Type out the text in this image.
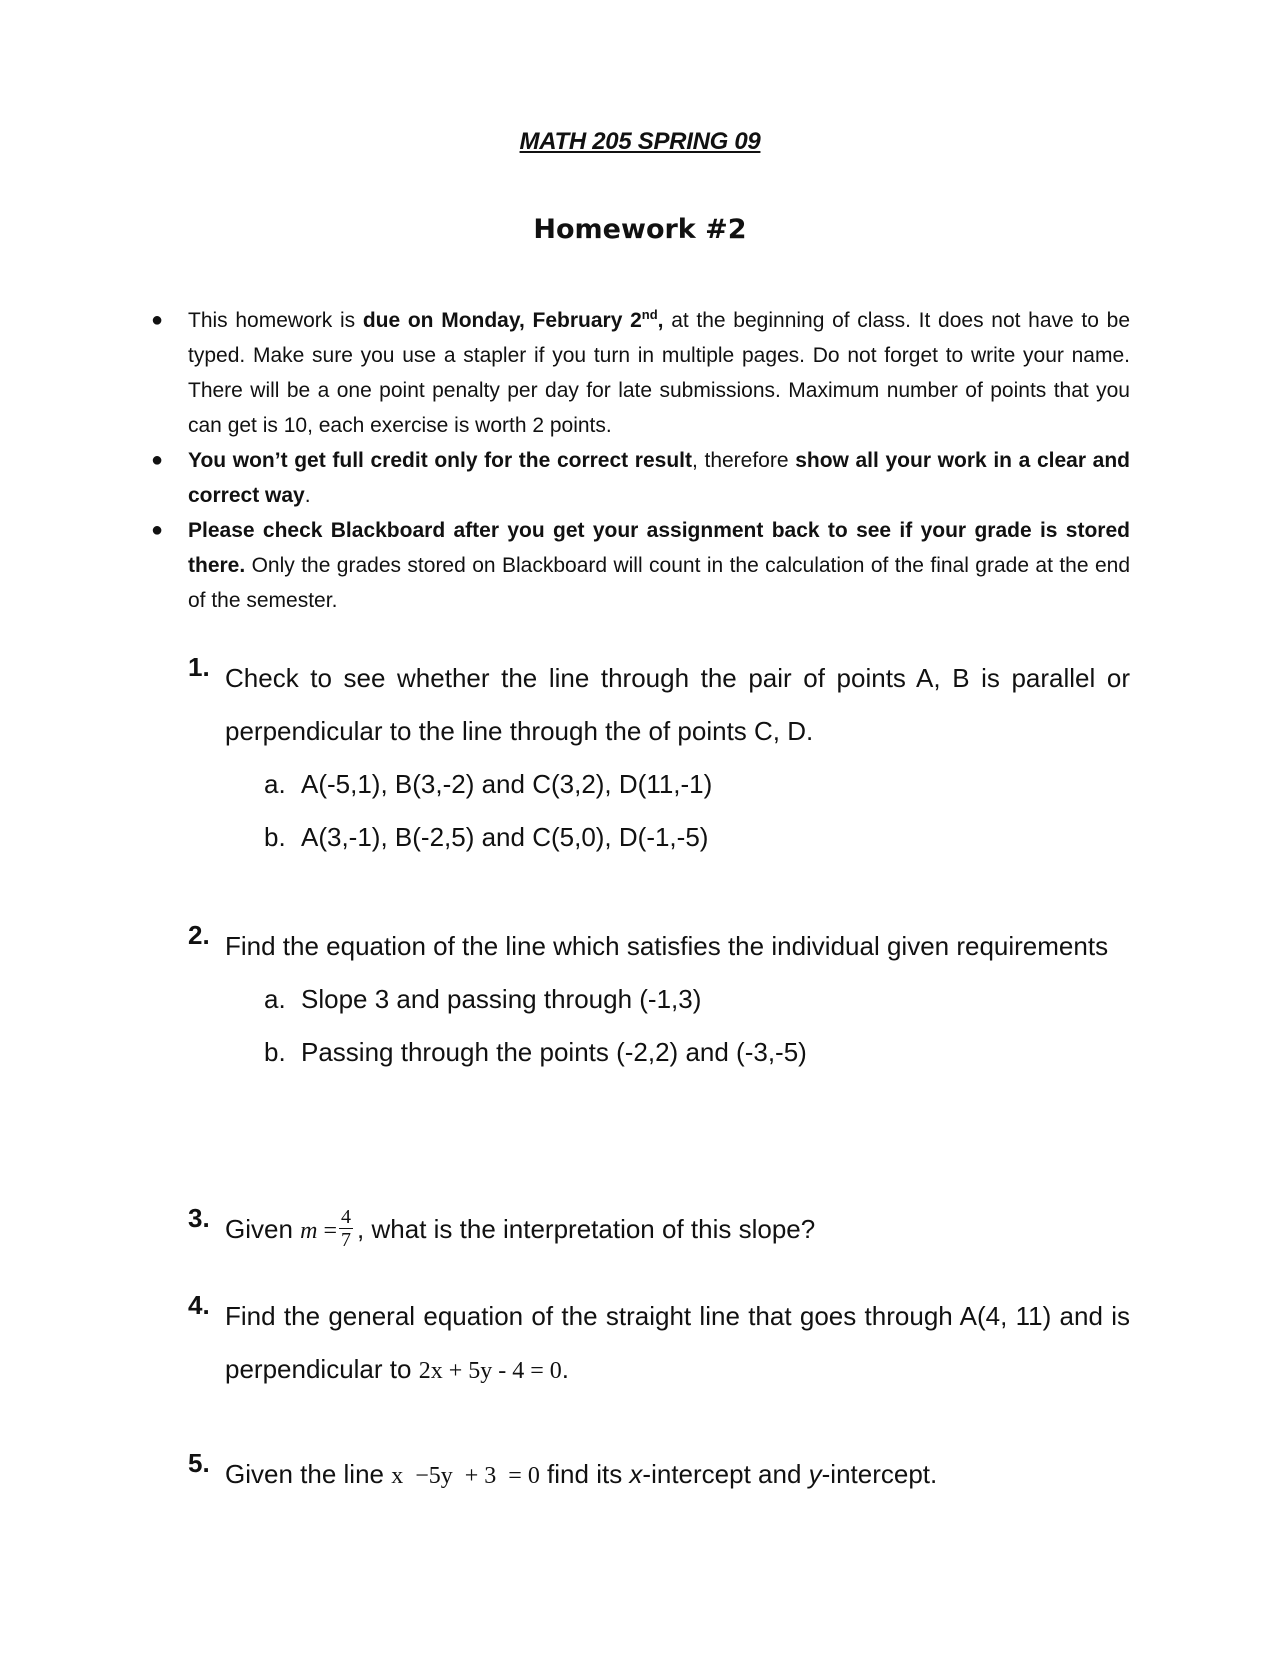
MATH 205 SPRING 09
Homework #2
● This homework is due on Monday, February 2nd, at the beginning of class. It does not have to be typed. Make sure you use a stapler if you turn in multiple pages. Do not forget to write your name. There will be a one point penalty per day for late submissions. Maximum number of points that you can get is 10, each exercise is worth 2 points.
● You won’t get full credit only for the correct result, therefore show all your work in a clear and correct way.
● Please check Blackboard after you get your assignment back to see if your grade is stored there. Only the grades stored on Blackboard will count in the calculation of the final grade at the end of the semester.
1. Check to see whether the line through the pair of points A, B is parallel or perpendicular to the line through the of points C, D.
a. A(-5,1), B(3,-2) and C(3,2), D(11,-1)
b. A(3,-1), B(-2,5) and C(5,0), D(-1,-5)
2. Find the equation of the line which satisfies the individual given requirements
a. Slope 3 and passing through (-1,3)
b. Passing through the points (-2,2) and (-3,-5)
3. Given $m = \frac{4}{7}$ , what is the interpretation of this slope?
4. Find the general equation of the straight line that goes through A(4, 11) and is perpendicular to 2x + 5y - 4 = 0.
5. Given the line x  −5y  + 3  = 0 find its x-intercept and y-intercept.
